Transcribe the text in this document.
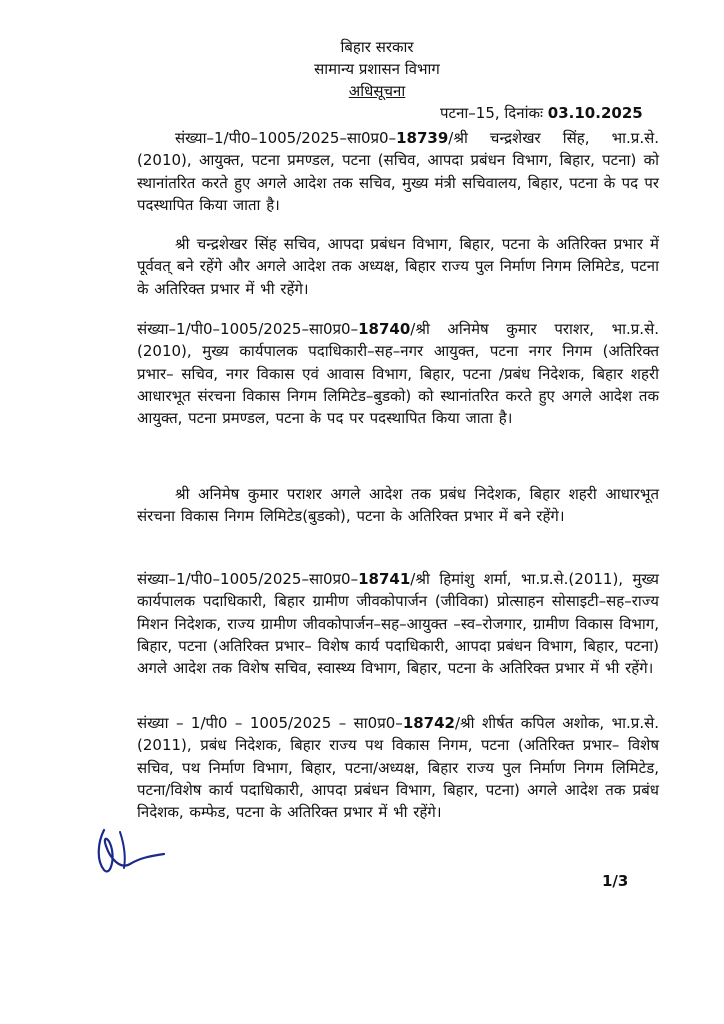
बिहार सरकार
सामान्य प्रशासन विभाग
अधिसूचना
पटना–15, दिनांकः 03.10.2025
संख्या–1/पी0–1005/2025–सा0प्र0–18739/श्री चन्द्रशेखर सिंह, भा.प्र.से.(2010), आयुक्त, पटना प्रमण्डल, पटना (सचिव, आपदा प्रबंधन विभाग, बिहार, पटना) को स्थानांतरित करते हुए अगले आदेश तक सचिव, मुख्य मंत्री सचिवालय, बिहार, पटना के पद पर पदस्थापित किया जाता है।
श्री चन्द्रशेखर सिंह सचिव, आपदा प्रबंधन विभाग, बिहार, पटना के अतिरिक्त प्रभार में पूर्ववत् बने रहेंगे और अगले आदेश तक अध्यक्ष, बिहार राज्य पुल निर्माण निगम लिमिटेड, पटना के अतिरिक्त प्रभार में भी रहेंगे।
संख्या–1/पी0–1005/2025–सा0प्र0–18740/श्री अनिमेष कुमार पराशर, भा.प्र.से. (2010), मुख्य कार्यपालक पदाधिकारी–सह–नगर आयुक्त, पटना नगर निगम (अतिरिक्त प्रभार– सचिव, नगर विकास एवं आवास विभाग, बिहार, पटना /प्रबंध निदेशक, बिहार शहरी आधारभूत संरचना विकास निगम लिमिटेड–बुडको) को स्थानांतरित करते हुए अगले आदेश तक आयुक्त, पटना प्रमण्डल, पटना के पद पर पदस्थापित किया जाता है।
श्री अनिमेष कुमार पराशर अगले आदेश तक प्रबंध निदेशक, बिहार शहरी आधारभूत संरचना विकास निगम लिमिटेड(बुडको), पटना के अतिरिक्त प्रभार में बने रहेंगे।
संख्या–1/पी0–1005/2025–सा0प्र0–18741/श्री हिमांशु शर्मा, भा.प्र.से.(2011), मुख्य कार्यपालक पदाधिकारी, बिहार ग्रामीण जीवकोपार्जन (जीविका) प्रोत्साहन सोसाइटी–सह–राज्य मिशन निदेशक, राज्य ग्रामीण जीवकोपार्जन–सह–आयुक्त –स्व–रोजगार, ग्रामीण विकास विभाग, बिहार, पटना (अतिरिक्त प्रभार– विशेष कार्य पदाधिकारी, आपदा प्रबंधन विभाग, बिहार, पटना) अगले आदेश तक विशेष सचिव, स्वास्थ्य विभाग, बिहार, पटना के अतिरिक्त प्रभार में भी रहेंगे।
संख्या – 1/पी0 – 1005/2025 – सा0प्र0–18742/श्री शीर्षत कपिल अशोक, भा.प्र.से.(2011), प्रबंध निदेशक, बिहार राज्य पथ विकास निगम, पटना (अतिरिक्त प्रभार– विशेष सचिव, पथ निर्माण विभाग, बिहार, पटना/अध्यक्ष, बिहार राज्य पुल निर्माण निगम लिमिटेड, पटना/विशेष कार्य पदाधिकारी, आपदा प्रबंधन विभाग, बिहार, पटना) अगले आदेश तक प्रबंध निदेशक, कम्फेड, पटना के अतिरिक्त प्रभार में भी रहेंगे।
1/3
